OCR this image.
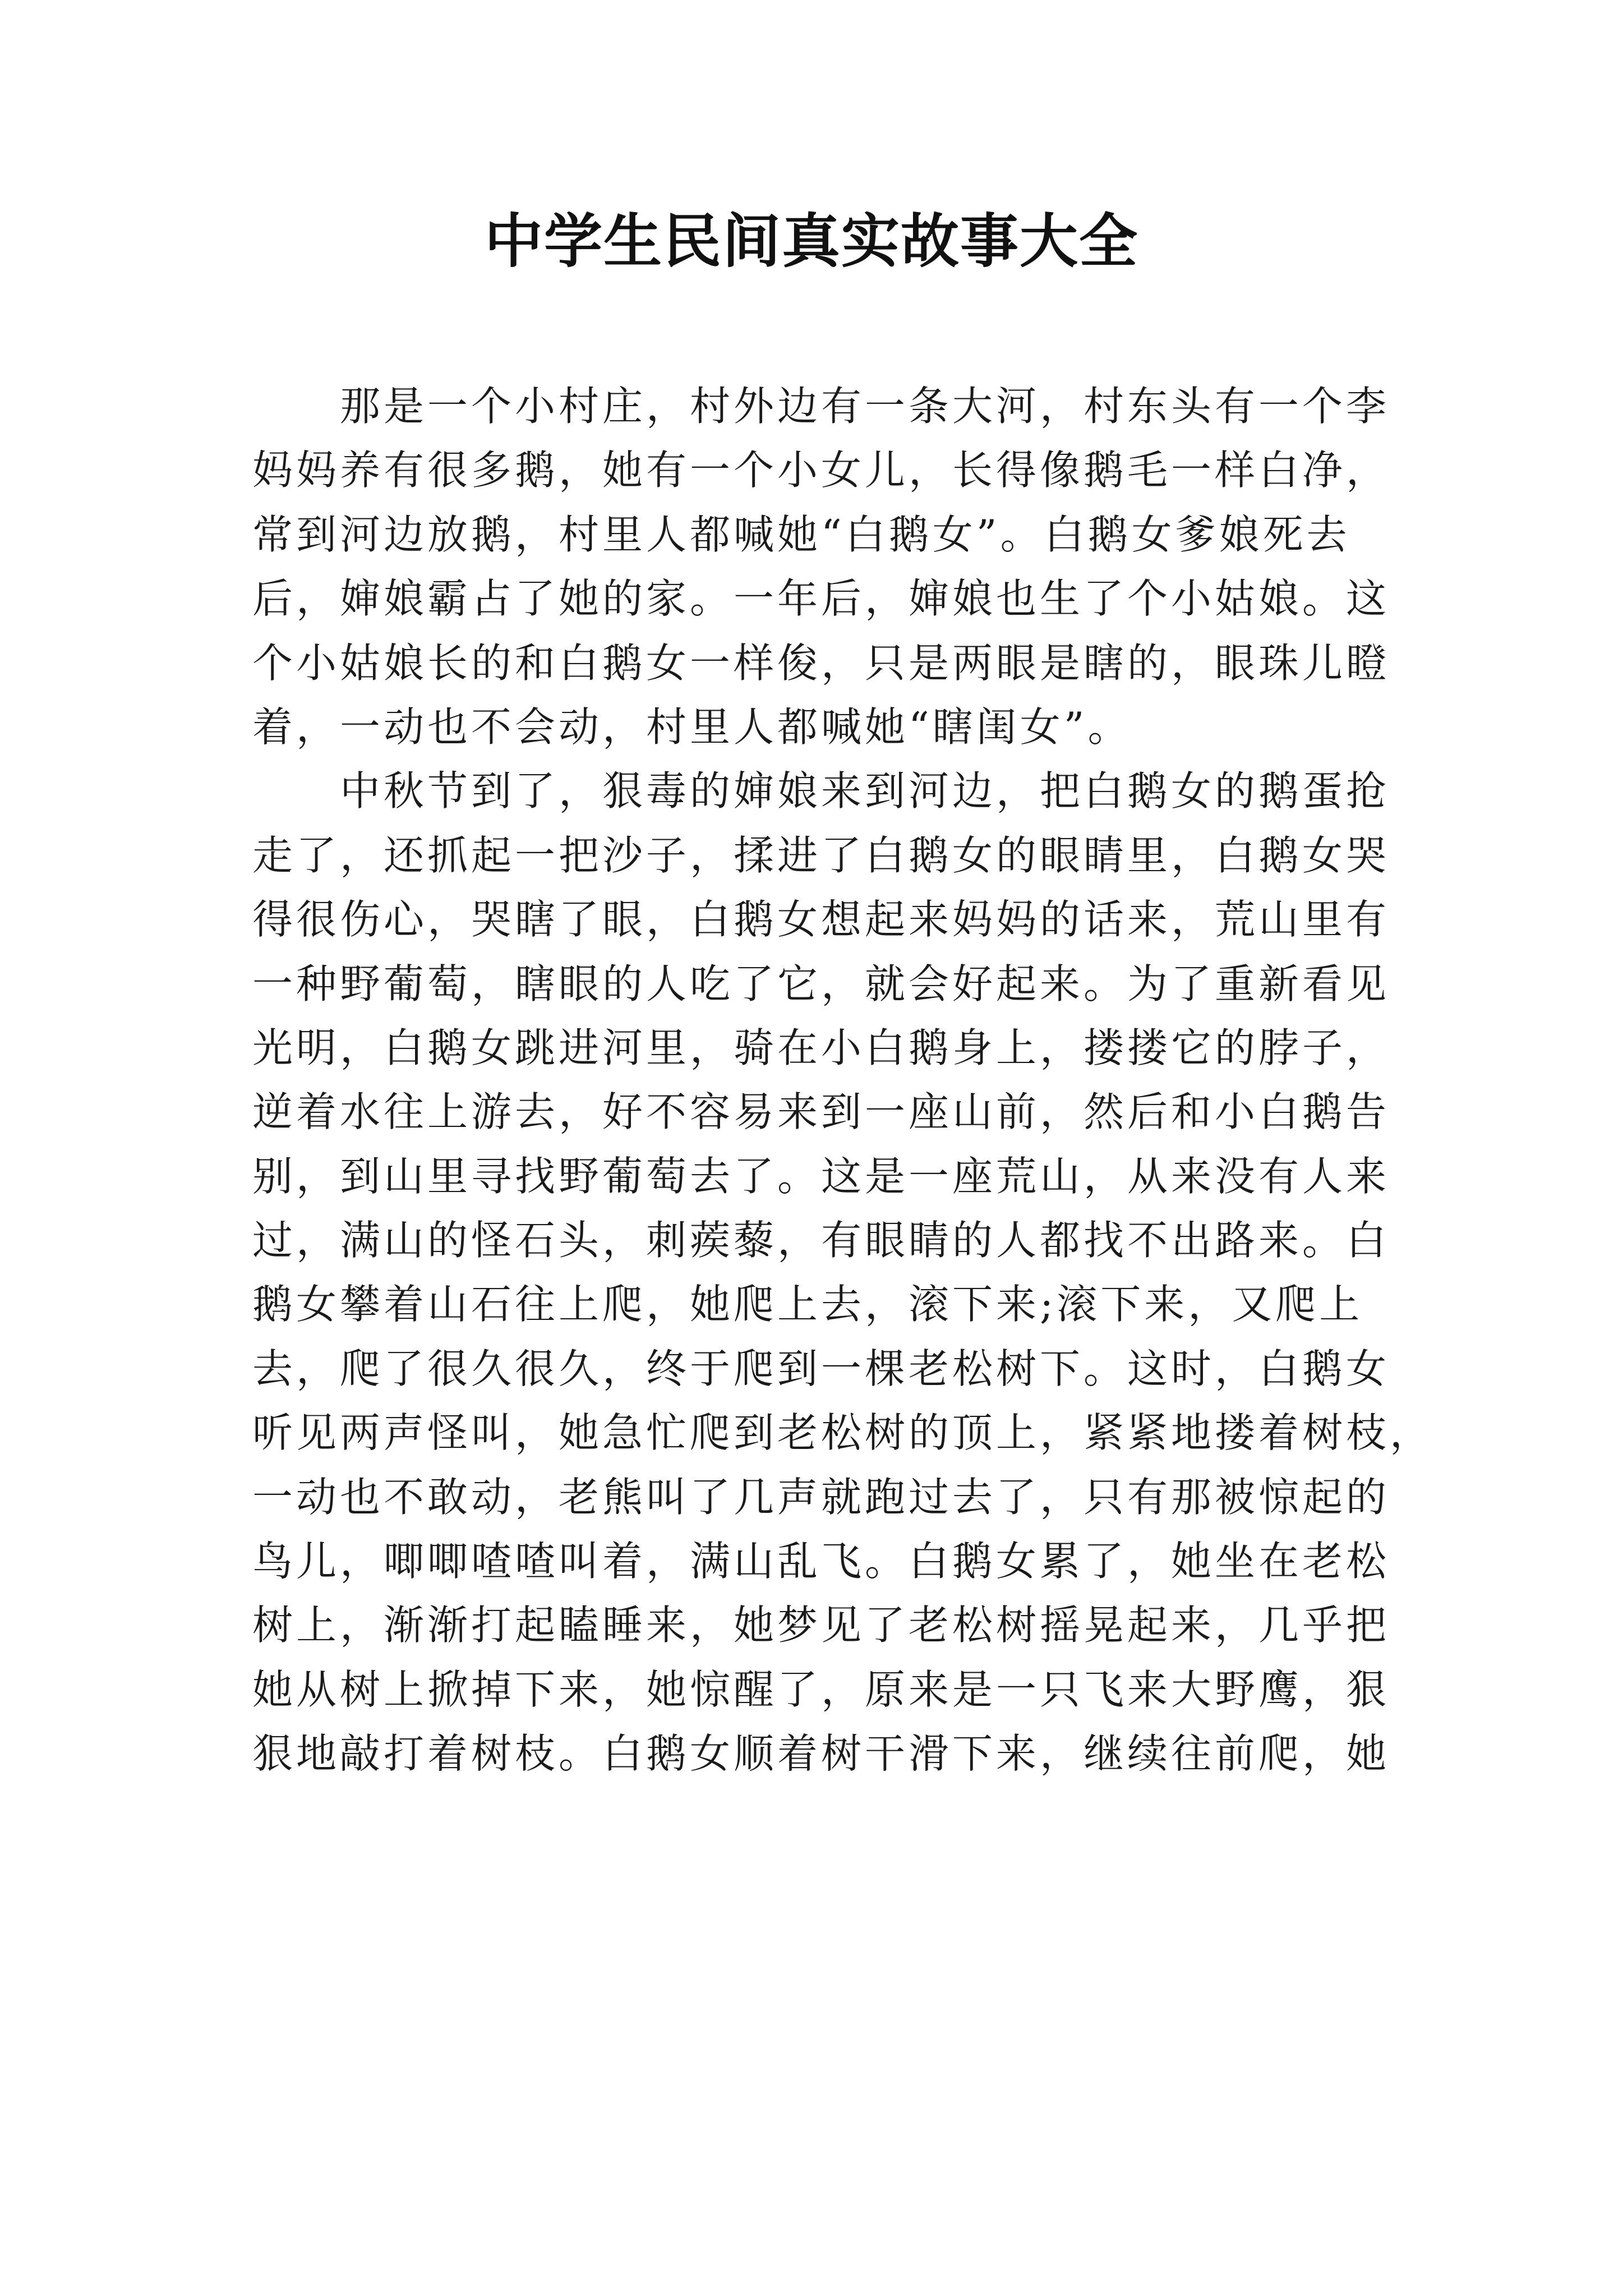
中学生民间真实故事大全
那是一个小村庄，村外边有一条大河，村东头有一个李
妈妈养有很多鹅，她有一个小女儿，长得像鹅毛一样白净，
常到河边放鹅，村里人都喊她“白鹅女”。白鹅女爹娘死去
后，婶娘霸占了她的家。一年后，婶娘也生了个小姑娘。这
个小姑娘长的和白鹅女一样俊，只是两眼是瞎的，眼珠儿瞪
着，一动也不会动，村里人都喊她“瞎闺女”。
中秋节到了，狠毒的婶娘来到河边，把白鹅女的鹅蛋抢
走了，还抓起一把沙子，揉进了白鹅女的眼睛里，白鹅女哭
得很伤心，哭瞎了眼，白鹅女想起来妈妈的话来，荒山里有
一种野葡萄，瞎眼的人吃了它，就会好起来。为了重新看见
光明，白鹅女跳进河里，骑在小白鹅身上，搂搂它的脖子，
逆着水往上游去，好不容易来到一座山前，然后和小白鹅告
别，到山里寻找野葡萄去了。这是一座荒山，从来没有人来
过，满山的怪石头，刺蒺藜，有眼睛的人都找不出路来。白
鹅女攀着山石往上爬，她爬上去，滚下来;滚下来，又爬上
去，爬了很久很久，终于爬到一棵老松树下。这时，白鹅女
听见两声怪叫，她急忙爬到老松树的顶上，紧紧地搂着树枝，
一动也不敢动，老熊叫了几声就跑过去了，只有那被惊起的
鸟儿，唧唧喳喳叫着，满山乱飞。白鹅女累了，她坐在老松
树上，渐渐打起瞌睡来，她梦见了老松树摇晃起来，几乎把
她从树上掀掉下来，她惊醒了，原来是一只飞来大野鹰，狠
狠地敲打着树枝。白鹅女顺着树干滑下来，继续往前爬，她
